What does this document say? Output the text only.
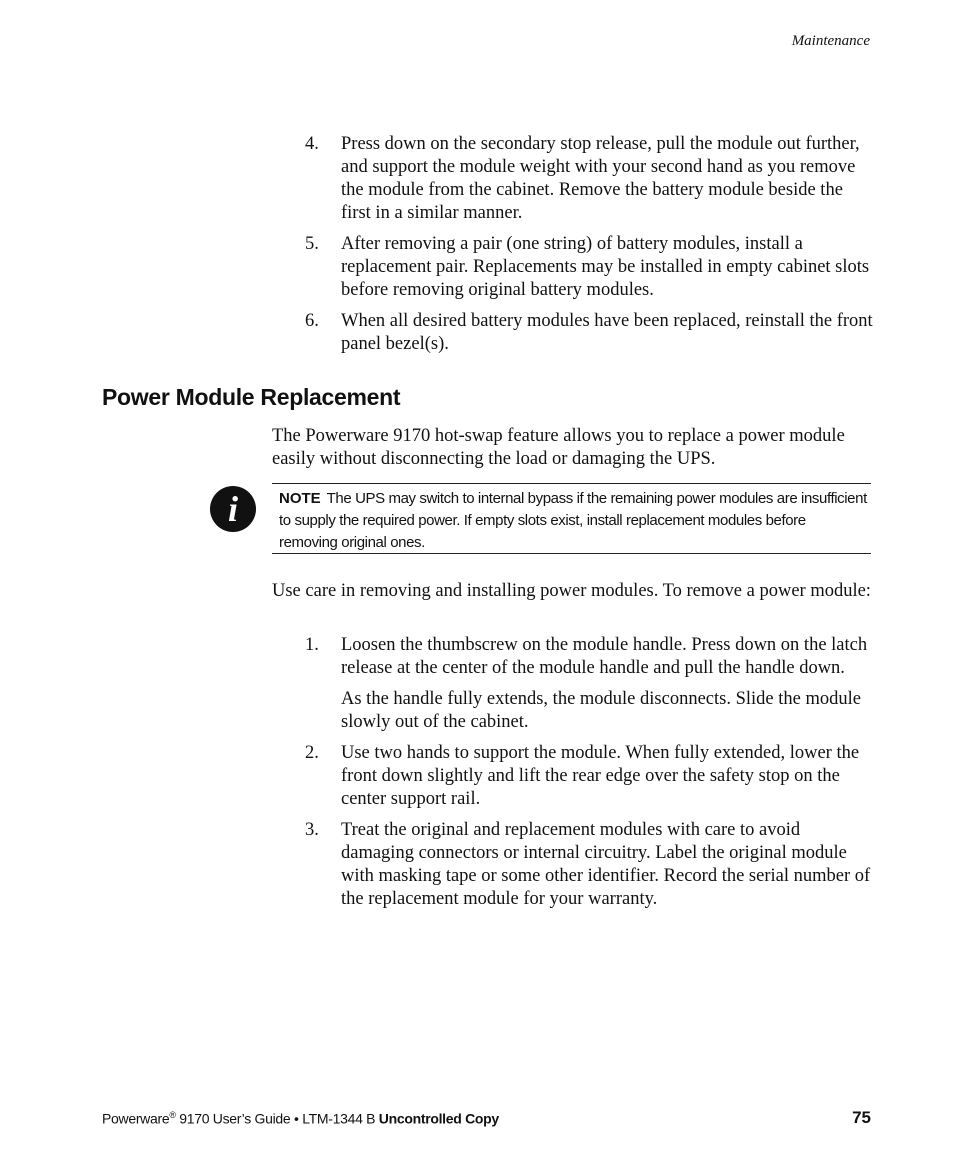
Maintenance
4. Press down on the secondary stop release, pull the module out further, and support the module weight with your second hand as you remove the module from the cabinet. Remove the battery module beside the first in a similar manner.

5. After removing a pair (one string) of battery modules, install a replacement pair. Replacements may be installed in empty cabinet slots before removing original battery modules.

6. When all desired battery modules have been replaced, reinstall the front panel bezel(s).

Power Module Replacement

The Powerware 9170 hot-swap feature allows you to replace a power module easily without disconnecting the load or damaging the UPS.

i	NOTE The UPS may switch to internal bypass if the remaining power modules are insufficient to supply the required power. If empty slots exist, install replacement modules before removing original ones.

Use care in removing and installing power modules. To remove a power module:

1. Loosen the thumbscrew on the module handle. Press down on the latch release at the center of the module handle and pull the handle down.

As the handle fully extends, the module disconnects. Slide the module slowly out of the cabinet.

2. Use two hands to support the module. When fully extended, lower the front down slightly and lift the rear edge over the safety stop on the center support rail.

3. Treat the original and replacement modules with care to avoid damaging connectors or internal circuitry. Label the original module with masking tape or some other identifier. Record the serial number of the replacement module for your warranty.

Powerware® 9170 User’s Guide • LTM-1344 B Uncontrolled Copy	75
